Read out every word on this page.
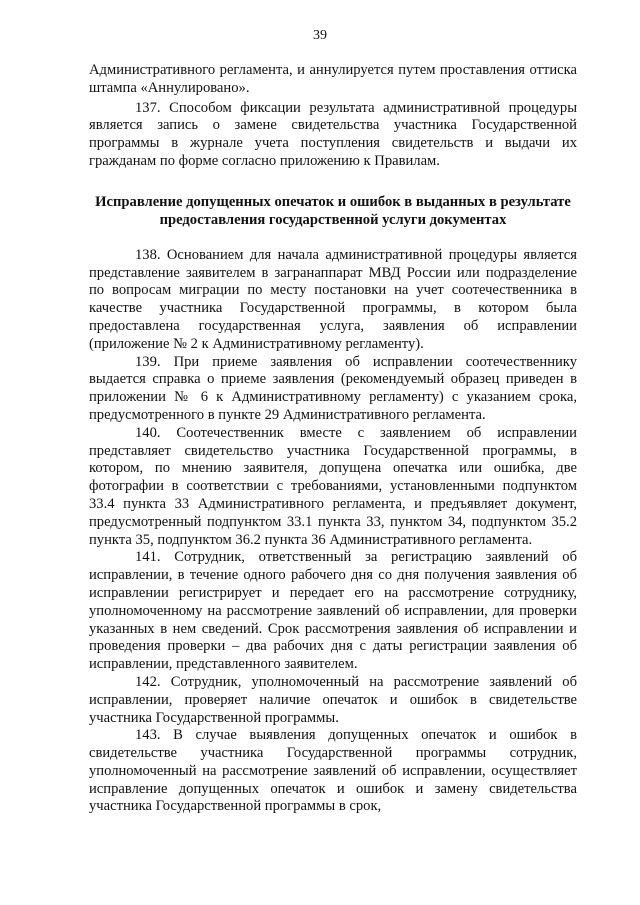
39

Административного регламента, и аннулируется путем проставления оттиска штампа «Аннулировано».

137. Способом фиксации результата административной процедуры является запись о замене свидетельства участника Государственной программы в журнале учета поступления свидетельств и выдачи их гражданам по форме согласно приложению к Правилам.

Исправление допущенных опечаток и ошибок в выданных в результате предоставления государственной услуги документах

138. Основанием для начала административной процедуры является представление заявителем в загранаппарат МВД России или подразделение по вопросам миграции по месту постановки на учет соотечественника в качестве участника Государственной программы, в котором была предоставлена государственная услуга, заявления об исправлении (приложение № 2 к Административному регламенту).

139. При приеме заявления об исправлении соотечественнику выдается справка о приеме заявления (рекомендуемый образец приведен в приложении № 6 к Административному регламенту) с указанием срока, предусмотренного в пункте 29 Административного регламента.

140. Соотечественник вместе с заявлением об исправлении представляет свидетельство участника Государственной программы, в котором, по мнению заявителя, допущена опечатка или ошибка, две фотографии в соответствии с требованиями, установленными подпунктом 33.4 пункта 33 Административного регламента, и предъявляет документ, предусмотренный подпунктом 33.1 пункта 33, пунктом 34, подпунктом 35.2 пункта 35, подпунктом 36.2 пункта 36 Административного регламента.

141. Сотрудник, ответственный за регистрацию заявлений об исправлении, в течение одного рабочего дня со дня получения заявления об исправлении регистрирует и передает его на рассмотрение сотруднику, уполномоченному на рассмотрение заявлений об исправлении, для проверки указанных в нем сведений. Срок рассмотрения заявления об исправлении и проведения проверки – два рабочих дня с даты регистрации заявления об исправлении, представленного заявителем.

142. Сотрудник, уполномоченный на рассмотрение заявлений об исправлении, проверяет наличие опечаток и ошибок в свидетельстве участника Государственной программы.

143. В случае выявления допущенных опечаток и ошибок в свидетельстве участника Государственной программы сотрудник, уполномоченный на рассмотрение заявлений об исправлении, осуществляет исправление допущенных опечаток и ошибок и замену свидетельства участника Государственной программы в срок,
